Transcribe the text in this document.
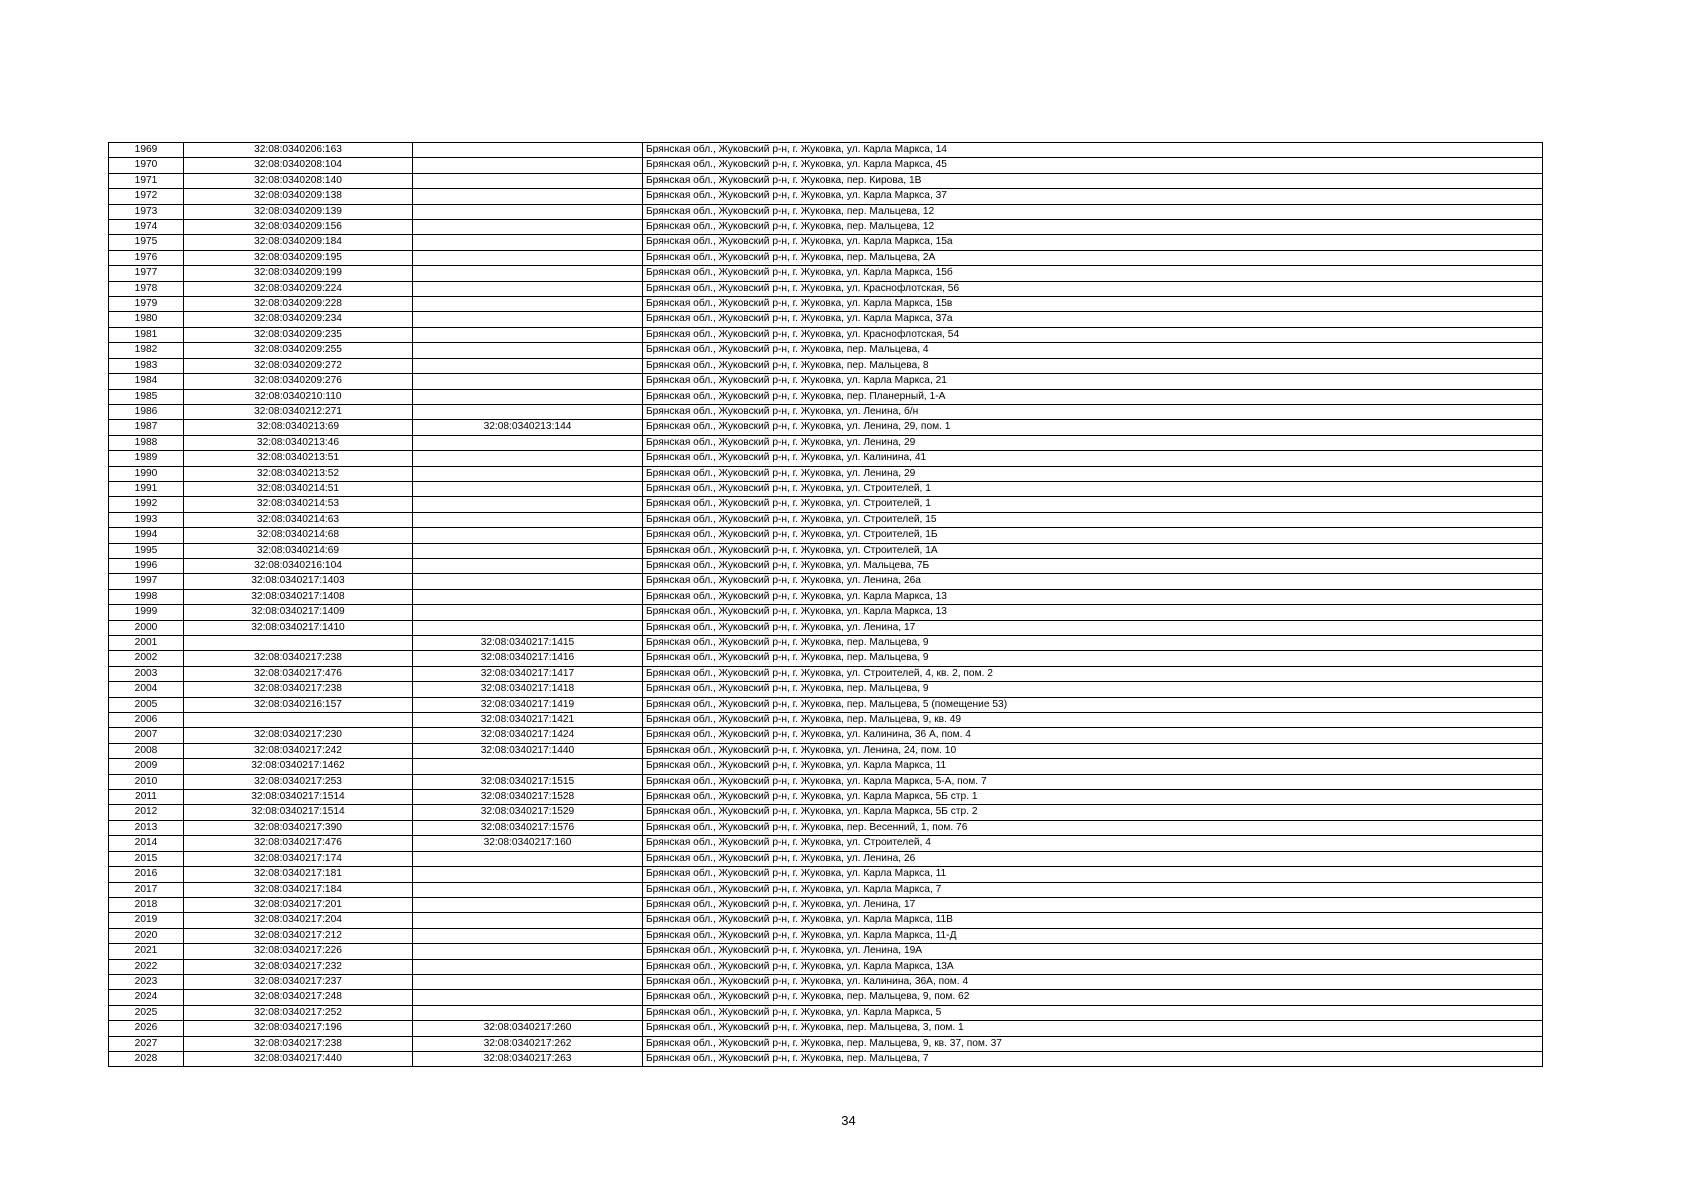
1969	32:08:0340206:163		Брянская обл., Жуковский р-н, г. Жуковка, ул. Карла Маркса, 14
1970	32:08:0340208:104		Брянская обл., Жуковский р-н, г. Жуковка, ул. Карла Маркса, 45
1971	32:08:0340208:140		Брянская обл., Жуковский р-н, г. Жуковка, пер. Кирова, 1В
1972	32:08:0340209:138		Брянская обл., Жуковский р-н, г. Жуковка, ул. Карла Маркса, 37
1973	32:08:0340209:139		Брянская обл., Жуковский р-н, г. Жуковка, пер. Мальцева, 12
1974	32:08:0340209:156		Брянская обл., Жуковский р-н, г. Жуковка, пер. Мальцева, 12
1975	32:08:0340209:184		Брянская обл., Жуковский р-н, г. Жуковка, ул. Карла Маркса, 15а
1976	32:08:0340209:195		Брянская обл., Жуковский р-н, г. Жуковка, пер. Мальцева, 2А
1977	32:08:0340209:199		Брянская обл., Жуковский р-н, г. Жуковка, ул. Карла Маркса, 15б
1978	32:08:0340209:224		Брянская обл., Жуковский р-н, г. Жуковка, ул. Краснофлотская, 56
1979	32:08:0340209:228		Брянская обл., Жуковский р-н, г. Жуковка, ул. Карла Маркса, 15в
1980	32:08:0340209:234		Брянская обл., Жуковский р-н, г. Жуковка, ул. Карла Маркса, 37а
1981	32:08:0340209:235		Брянская обл., Жуковский р-н, г. Жуковка, ул. Краснофлотская, 54
1982	32:08:0340209:255		Брянская обл., Жуковский р-н, г. Жуковка, пер. Мальцева, 4
1983	32:08:0340209:272		Брянская обл., Жуковский р-н, г. Жуковка, пер. Мальцева, 8
1984	32:08:0340209:276		Брянская обл., Жуковский р-н, г. Жуковка, ул. Карла Маркса, 21
1985	32:08:0340210:110		Брянская обл., Жуковский р-н, г. Жуковка, пер. Планерный, 1-А
1986	32:08:0340212:271		Брянская обл., Жуковский р-н, г. Жуковка, ул. Ленина, б/н
1987	32:08:0340213:69	32:08:0340213:144	Брянская обл., Жуковский р-н, г. Жуковка, ул. Ленина, 29, пом. 1
1988	32:08:0340213:46		Брянская обл., Жуковский р-н, г. Жуковка, ул. Ленина, 29
1989	32:08:0340213:51		Брянская обл., Жуковский р-н, г. Жуковка, ул. Калинина, 41
1990	32:08:0340213:52		Брянская обл., Жуковский р-н, г. Жуковка, ул. Ленина, 29
1991	32:08:0340214:51		Брянская обл., Жуковский р-н, г. Жуковка, ул. Строителей, 1
1992	32:08:0340214:53		Брянская обл., Жуковский р-н, г. Жуковка, ул. Строителей, 1
1993	32:08:0340214:63		Брянская обл., Жуковский р-н, г. Жуковка, ул. Строителей, 15
1994	32:08:0340214:68		Брянская обл., Жуковский р-н, г. Жуковка, ул. Строителей, 1Б
1995	32:08:0340214:69		Брянская обл., Жуковский р-н, г. Жуковка, ул. Строителей, 1А
1996	32:08:0340216:104		Брянская обл., Жуковский р-н, г. Жуковка, ул. Мальцева, 7Б
1997	32:08:0340217:1403		Брянская обл., Жуковский р-н, г. Жуковка, ул. Ленина, 26а
1998	32:08:0340217:1408		Брянская обл., Жуковский р-н, г. Жуковка, ул. Карла Маркса, 13
1999	32:08:0340217:1409		Брянская обл., Жуковский р-н, г. Жуковка, ул. Карла Маркса, 13
2000	32:08:0340217:1410		Брянская обл., Жуковский р-н, г. Жуковка, ул. Ленина, 17
2001		32:08:0340217:1415	Брянская обл., Жуковский р-н, г. Жуковка, пер. Мальцева, 9
2002	32:08:0340217:238	32:08:0340217:1416	Брянская обл., Жуковский р-н, г. Жуковка, пер. Мальцева, 9
2003	32:08:0340217:476	32:08:0340217:1417	Брянская обл., Жуковский р-н, г. Жуковка, ул. Строителей, 4, кв. 2, пом. 2
2004	32:08:0340217:238	32:08:0340217:1418	Брянская обл., Жуковский р-н, г. Жуковка, пер. Мальцева, 9
2005	32:08:0340216:157	32:08:0340217:1419	Брянская обл., Жуковский р-н, г. Жуковка, пер. Мальцева, 5 (помещение 53)
2006		32:08:0340217:1421	Брянская обл., Жуковский р-н, г. Жуковка, пер. Мальцева, 9, кв. 49
2007	32:08:0340217:230	32:08:0340217:1424	Брянская обл., Жуковский р-н, г. Жуковка, ул. Калинина, 36 А, пом. 4
2008	32:08:0340217:242	32:08:0340217:1440	Брянская обл., Жуковский р-н, г. Жуковка, ул. Ленина, 24, пом. 10
2009	32:08:0340217:1462		Брянская обл., Жуковский р-н, г. Жуковка, ул. Карла Маркса, 11
2010	32:08:0340217:253	32:08:0340217:1515	Брянская обл., Жуковский р-н, г. Жуковка, ул. Карла Маркса, 5-А, пом. 7
2011	32:08:0340217:1514	32:08:0340217:1528	Брянская обл., Жуковский р-н, г. Жуковка, ул. Карла Маркса, 5Б стр. 1
2012	32:08:0340217:1514	32:08:0340217:1529	Брянская обл., Жуковский р-н, г. Жуковка, ул. Карла Маркса, 5Б стр. 2
2013	32:08:0340217:390	32:08:0340217:1576	Брянская обл., Жуковский р-н, г. Жуковка, пер. Весенний, 1, пом. 76
2014	32:08:0340217:476	32:08:0340217:160	Брянская обл., Жуковский р-н, г. Жуковка, ул. Строителей, 4
2015	32:08:0340217:174		Брянская обл., Жуковский р-н, г. Жуковка, ул. Ленина, 26
2016	32:08:0340217:181		Брянская обл., Жуковский р-н, г. Жуковка, ул. Карла Маркса, 11
2017	32:08:0340217:184		Брянская обл., Жуковский р-н, г. Жуковка, ул. Карла Маркса, 7
2018	32:08:0340217:201		Брянская обл., Жуковский р-н, г. Жуковка, ул. Ленина, 17
2019	32:08:0340217:204		Брянская обл., Жуковский р-н, г. Жуковка, ул. Карла Маркса, 11В
2020	32:08:0340217:212		Брянская обл., Жуковский р-н, г. Жуковка, ул. Карла Маркса, 11-Д
2021	32:08:0340217:226		Брянская обл., Жуковский р-н, г. Жуковка, ул. Ленина, 19А
2022	32:08:0340217:232		Брянская обл., Жуковский р-н, г. Жуковка, ул. Карла Маркса, 13А
2023	32:08:0340217:237		Брянская обл., Жуковский р-н, г. Жуковка, ул. Калинина, 36А, пом. 4
2024	32:08:0340217:248		Брянская обл., Жуковский р-н, г. Жуковка, пер. Мальцева, 9, пом. 62
2025	32:08:0340217:252		Брянская обл., Жуковский р-н, г. Жуковка, ул. Карла Маркса, 5
2026	32:08:0340217:196	32:08:0340217:260	Брянская обл., Жуковский р-н, г. Жуковка, пер. Мальцева, 3, пом. 1
2027	32:08:0340217:238	32:08:0340217:262	Брянская обл., Жуковский р-н, г. Жуковка, пер. Мальцева, 9, кв. 37, пом. 37
2028	32:08:0340217:440	32:08:0340217:263	Брянская обл., Жуковский р-н, г. Жуковка, пер. Мальцева, 7
34
